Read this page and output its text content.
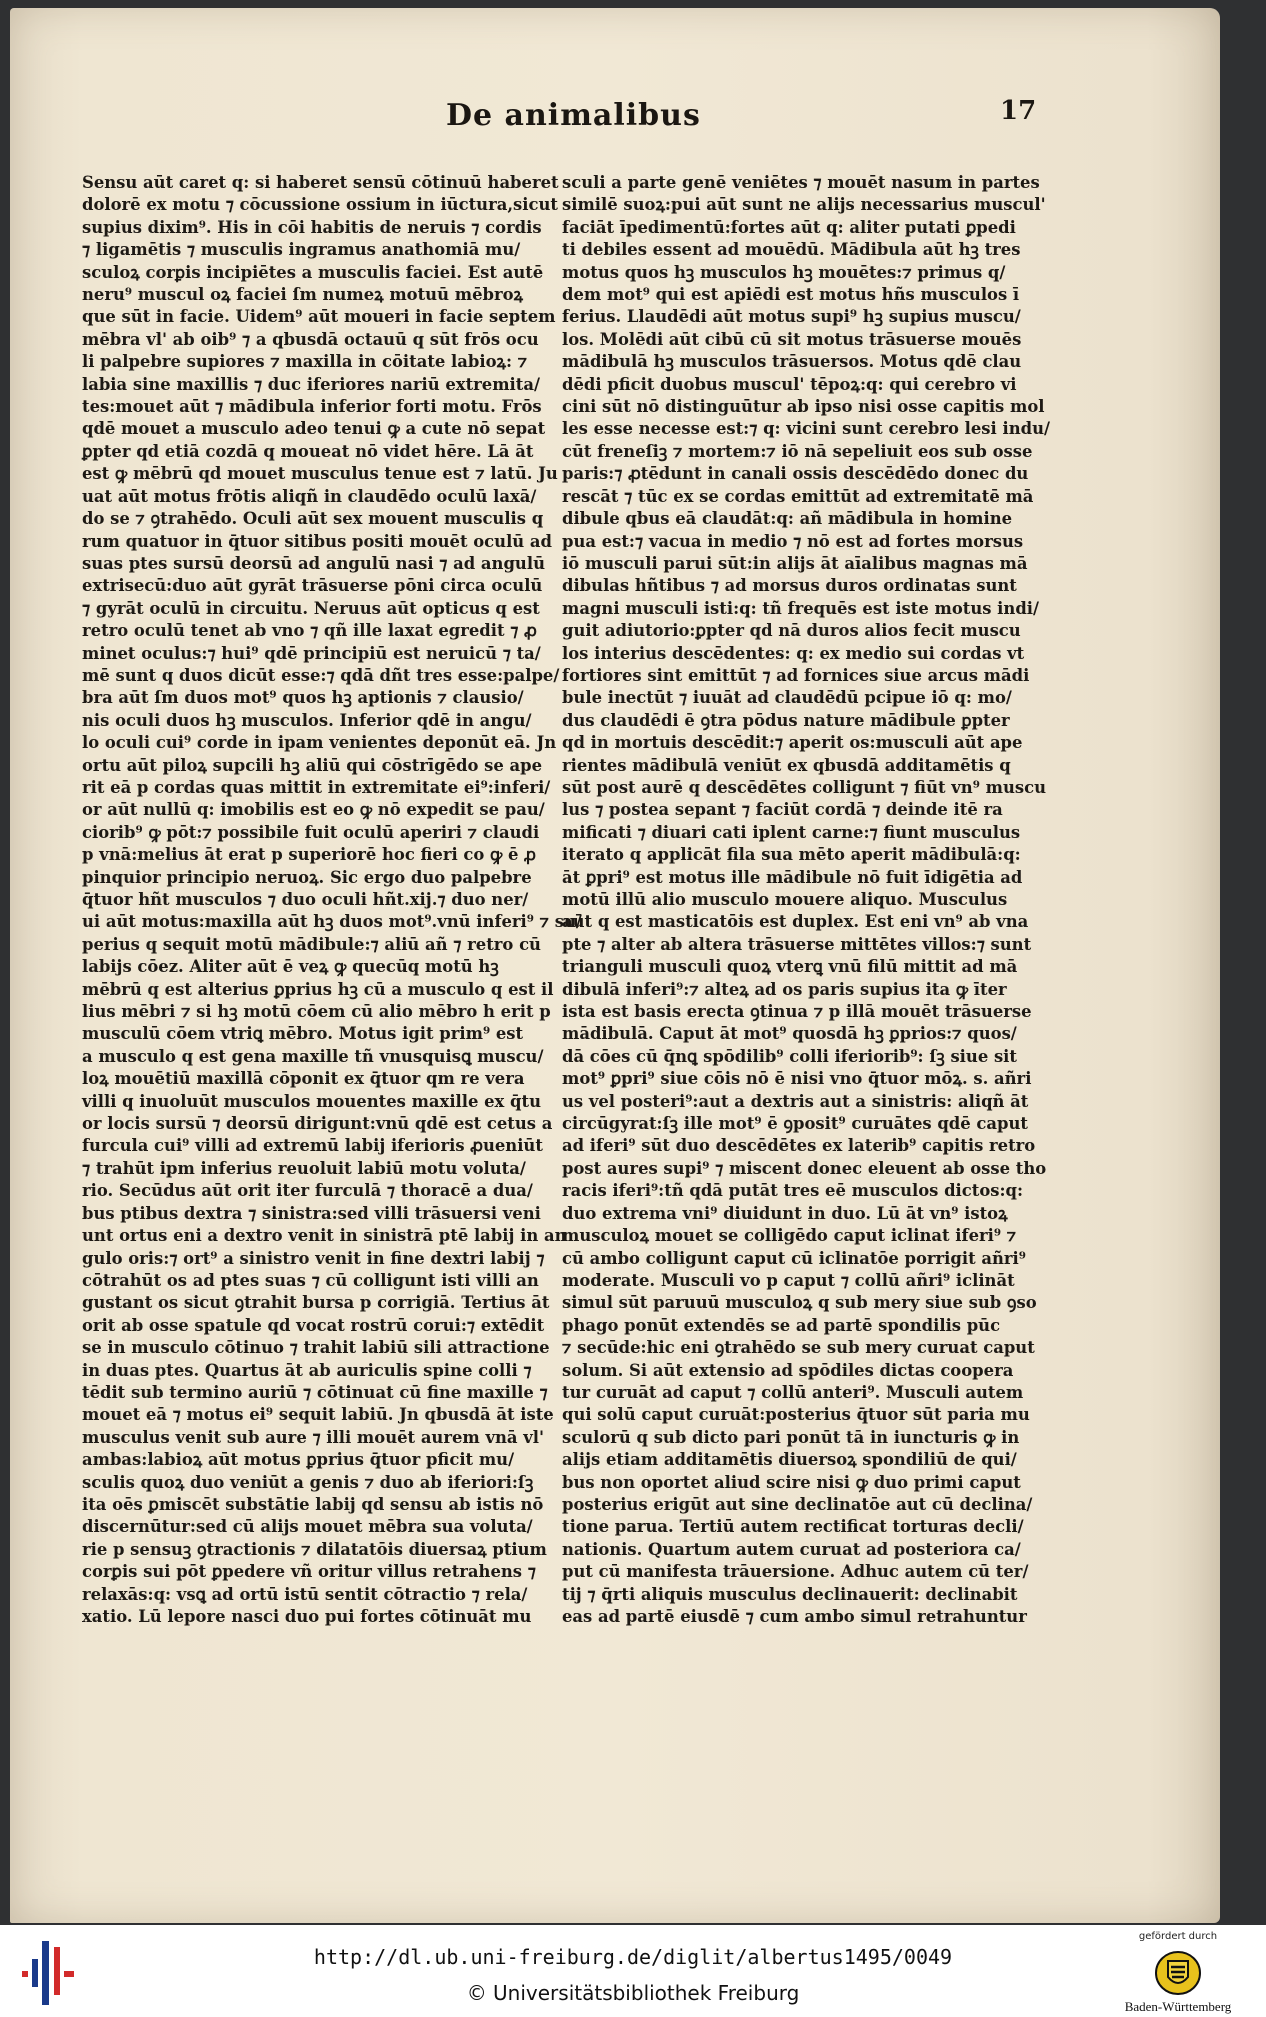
De animalibus	17
Sensu aūt caret q: si haberet sensū cōtinuū haberet
dolorē ex motu ⁊ cōcussione ossium in iūctura,sicut
supius dixim⁹. His in cōi habitis de neruis ⁊ cordis
⁊ ligamētis ⁊ musculis ingramus anathomiā mu/
sculoꝝ corꝑis incipiētes a musculis faciei. Est autē
neru⁹ muscul oꝝ faciei ſm numeꝝ motuū mēbroꝝ
que sūt in facie. Uidem⁹ aūt moueri in facie septem
mēbra vl' ab oib⁹ ⁊ a qbusdā octauū q sūt frōs ocu
li palpebre supiores ⁊ maxilla in cōitate labioꝝ: ⁊
labia sine maxillis ⁊ duc iferiores nariū extremita/
tes:mouet aūt ⁊ mādibula inferior forti motu. Frōs
qdē mouet a musculo adeo tenui ꝙ a cute nō sepat
ꝑpter qd etiā cozdā q moueat nō videt hēre. Lā āt
est ꝙ mēbrū qd mouet musculus tenue est ⁊ latū. Ju
uat aūt motus frōtis aliqñ in claudēdo oculū laxā/
do se ⁊ ꝯtrahēdo. Oculi aūt sex mouent musculis q
rum quatuor in q̄tuor sitibus positi mouēt oculū ad
suas ptes sursū deorsū ad angulū nasi ⁊ ad angulū
extrisecū:duo aūt gyrāt trāsuerse pōni circa oculū
⁊ gyrāt oculū in circuitu. Neruus aūt opticus q est
retro oculū tenet ab vno ⁊ qñ ille laxat egredit ⁊ ꝓ
minet oculus:⁊ hui⁹ qdē principiū est neruicū ⁊ ta/
mē sunt q duos dicūt esse:⁊ qdā dñt tres esse:palpe/
bra aūt ſm duos mot⁹ quos hꝫ aptionis ⁊ clausio/
nis oculi duos hꝫ musculos. Inferior qdē in angu/
lo oculi cui⁹ corde in ipam venientes deponūt eā. Jn
ortu aūt piloꝝ supcili hꝫ aliū qui cōstrīgēdo se ape
rit eā p cordas quas mittit in extremitate ei⁹:inferi/
or aūt nullū q: imobilis est eo ꝙ nō expedit se pau/
ciorib⁹ ꝙ pōt:⁊ possibile fuit oculū aperiri ⁊ claudi
p vnā:melius āt erat p superiorē hoc fieri co ꝙ ē ꝓ
pinquior principio neruoꝝ. Sic ergo duo palpebre
q̄tuor hñt musculos ⁊ duo oculi hñt.xij.⁊ duo ner/
ui aūt motus:maxilla aūt hꝫ duos mot⁹.vnū inferi⁹ ⁊ su/
perius q sequit motū mādibule:⁊ aliū añ ⁊ retro cū
labijs cōez. Aliter aūt ē veꝝ ꝙ quecūq motū hꝫ
mēbrū q est alterius ꝑprius hꝫ cū a musculo q est il
lius mēbri ⁊ si hꝫ motū cōem cū alio mēbro h erit p
musculū cōem vtriꝗ mēbro. Motus igit prim⁹ est
a musculo q est gena maxille tñ vnusquisꝗ muscu/
loꝝ mouētiū maxillā cōponit ex q̄tuor qm re vera
villi q inuoluūt musculos mouentes maxille ex q̄tu
or locis sursū ⁊ deorsū dirigunt:vnū qdē est cetus a
furcula cui⁹ villi ad extremū labij iferioris ꝓueniūt
⁊ trahūt ipm inferius reuoluit labiū motu voluta/
rio. Secūdus aūt orit iter furculā ⁊ thoracē a dua/
bus ptibus dextra ⁊ sinistra:sed villi trāsuersi veni
unt ortus eni a dextro venit in sinistrā ptē labij in an
gulo oris:⁊ ort⁹ a sinistro venit in fine dextri labij ⁊
cōtrahūt os ad ptes suas ⁊ cū colligunt isti villi an
gustant os sicut ꝯtrahit bursa p corrigiā. Tertius āt
orit ab osse spatule qd vocat rostrū corui:⁊ extēdit
se in musculo cōtinuo ⁊ trahit labiū sili attractione
in duas ptes. Quartus āt ab auriculis spine colli ⁊
tēdit sub termino auriū ⁊ cōtinuat cū fine maxille ⁊
mouet eā ⁊ motus ei⁹ sequit labiū. Jn qbusdā āt iste
musculus venit sub aure ⁊ illi mouēt aurem vnā vl'
ambas:labioꝝ aūt motus ꝑprius q̄tuor pficit mu/
sculis quoꝝ duo veniūt a genis ⁊ duo ab iferiori:ſꝫ
ita oēs ꝑmiscēt substātie labij qd sensu ab istis nō
discernūtur:sed cū alijs mouet mēbra sua voluta/
rie p sensuꝫ ꝯtractionis ⁊ dilatatōis diuersaꝝ ptium
corꝑis sui pōt ꝑpedere vñ oritur villus retrahens ⁊
relaxās:q: vsꝗ ad ortū istū sentit cōtractio ⁊ rela/
xatio. Lū lepore nasci duo pui fortes cōtinuāt mu
sculi a parte genē veniētes ⁊ mouēt nasum in partes
similē suoꝝ:pui aūt sunt ne alijs necessarius muscul'
faciāt īpedimentū:fortes aūt q: aliter putati ꝑpedi
ti debiles essent ad mouēdū. Mādibula aūt hꝫ tres
motus quos hꝫ musculos hꝫ mouētes:⁊ primus q/
dem mot⁹ qui est apiēdi est motus hñs musculos ī
ferius. Llaudēdi aūt motus supi⁹ hꝫ supius muscu/
los. Molēdi aūt cibū cū sit motus trāsuerse mouēs
mādibulā hꝫ musculos trāsuersos. Motus qdē clau
dēdi pficit duobus muscul' tēpoꝝ:q: qui cerebro vi
cini sūt nō distinguūtur ab ipso nisi osse capitis mol
les esse necesse est:⁊ q: vicini sunt cerebro lesi indu/
cūt freneſiꝫ ⁊ mortem:⁊ iō nā sepeliuit eos sub osse
paris:⁊ ꝓtēdunt in canali ossis descēdēdo donec du
rescāt ⁊ tūc ex se cordas emittūt ad extremitatē mā
dibule qbus eā claudāt:q: añ mādibula in homine
pua est:⁊ vacua in medio ⁊ nō est ad fortes morsus
iō musculi parui sūt:in alijs āt aīalibus magnas mā
dibulas hñtibus ⁊ ad morsus duros ordinatas sunt
magni musculi isti:q: tñ frequēs est iste motus indi/
guit adiutorio:ꝑpter qd nā duros alios fecit muscu
los interius descēdentes: q: ex medio sui cordas vt
fortiores sint emittūt ⁊ ad fornices siue arcus mādi
bule inectūt ⁊ iuuāt ad claudēdū pcipue iō q: mo/
dus claudēdi ē ꝯtra pōdus nature mādibule ꝑpter
qd in mortuis descēdit:⁊ aperit os:musculi aūt ape
rientes mādibulā veniūt ex qbusdā additamētis q
sūt post aurē q descēdētes colligunt ⁊ fiūt vn⁹ muscu
lus ⁊ postea sepant ⁊ faciūt cordā ⁊ deinde itē ra
mificati ⁊ diuari cati iplent carne:⁊ fiunt musculus
iterato q applicāt fila sua mēto aperit mādibulā:q:
āt ꝑpri⁹ est motus ille mādibule nō fuit īdigētia ad
motū illū alio musculo mouere aliquo. Musculus
aūt q est masticatōis est duplex. Est eni vn⁹ ab vna
pte ⁊ alter ab altera trāsuerse mittētes villos:⁊ sunt
trianguli musculi quoꝝ vterꝗ vnū filū mittit ad mā
dibulā inferi⁹:⁊ alteꝝ ad os paris supius ita ꝙ īter
ista est basis erecta ꝯtinua ⁊ p illā mouēt trāsuerse
mādibulā. Caput āt mot⁹ quosdā hꝫ ꝑprios:⁊ quos/
dā cōes cū q̄nꝗ spōdilib⁹ colli iferiorib⁹: ſꝫ siue sit
mot⁹ ꝑpri⁹ siue cōis nō ē nisi vno q̄tuor mōꝝ. s. añri
us vel posteri⁹:aut a dextris aut a sinistris: aliqñ āt
circūgyrat:ſꝫ ille mot⁹ ē ꝯposit⁹ curuātes qdē caput
ad iferi⁹ sūt duo descēdētes ex laterib⁹ capitis retro
post aures supi⁹ ⁊ miscent donec eleuent ab osse tho
racis iferi⁹:tñ qdā putāt tres eē musculos dictos:q:
duo extrema vni⁹ diuidunt in duo. Lū āt vn⁹ istoꝝ
musculoꝝ mouet se colligēdo caput iclinat iferi⁹ ⁊
cū ambo colligunt caput cū iclinatōe porrigit añri⁹
moderate. Musculi vo p caput ⁊ collū añri⁹ iclināt
simul sūt paruuū musculoꝝ q sub mery siue sub ꝯso
phago ponūt extendēs se ad partē spondilis pūc
⁊ secūde:hic eni ꝯtrahēdo se sub mery curuat caput
solum. Si aūt extensio ad spōdiles dictas coopera
tur curuāt ad caput ⁊ collū anteri⁹. Musculi autem
qui solū caput curuāt:posterius q̄tuor sūt paria mu
sculorū q sub dicto pari ponūt tā in iuncturis ꝙ in
alijs etiam additamētis diuersoꝝ spondiliū de qui/
bus non oportet aliud scire nisi ꝙ duo primi caput
posterius erigūt aut sine declinatōe aut cū declina/
tione parua. Tertiū autem rectificat torturas decli/
nationis. Quartum autem curuat ad posteriora ca/
put cū manifesta trāuersione. Adhuc autem cū ter/
tij ⁊ q̄rti aliquis musculus declinauerit: declinabit
eas ad partē eiusdē ⁊ cum ambo simul retrahuntur
http://dl.ub.uni-freiburg.de/diglit/albertus1495/0049
© Universitätsbibliothek Freiburg
gefördert durch
Baden-Württemberg
